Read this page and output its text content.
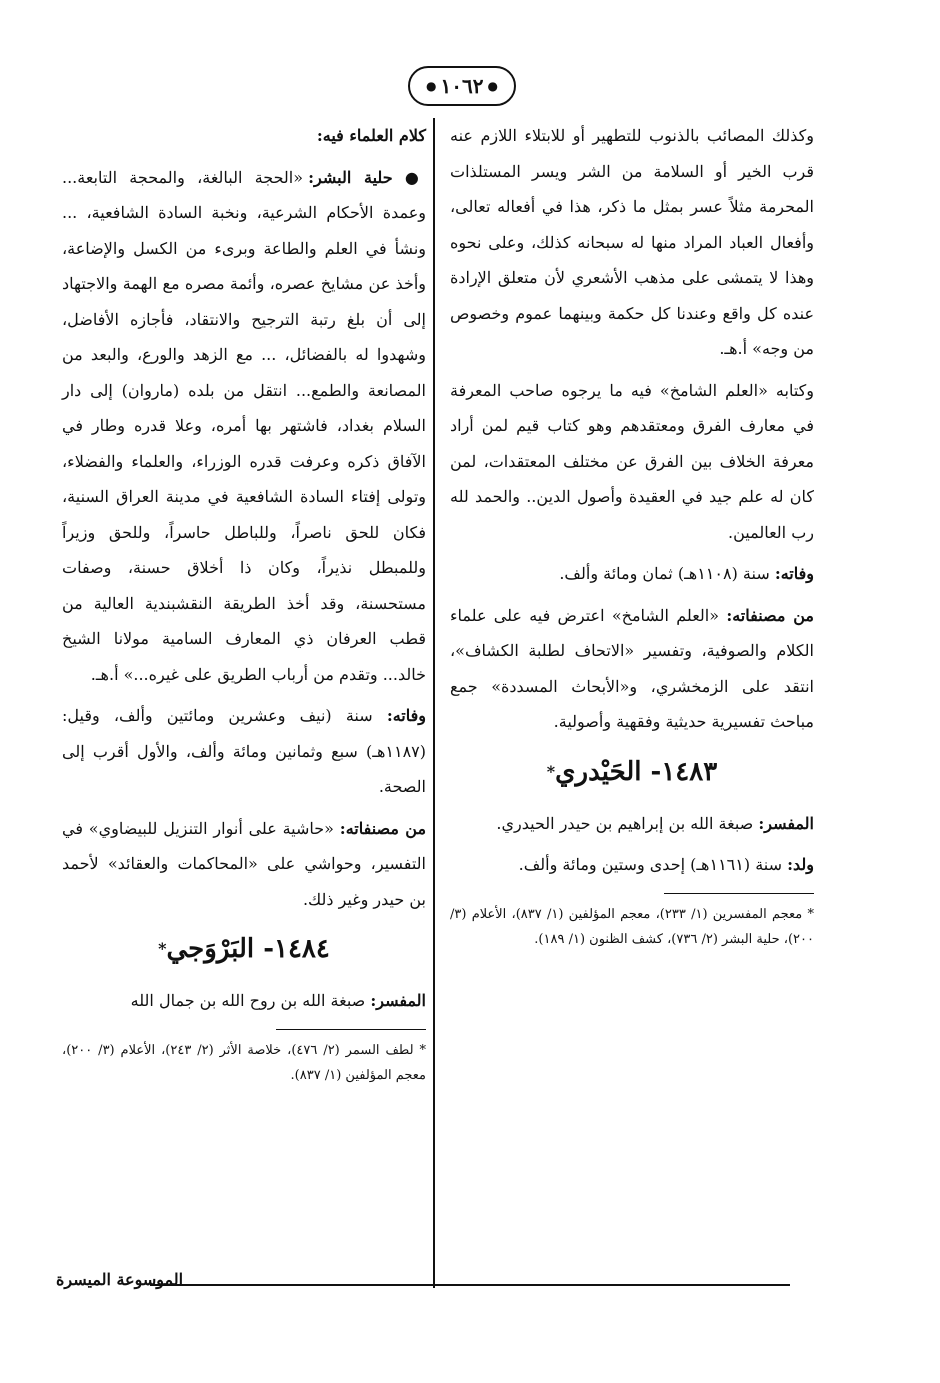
●
١٠٦٢
●

وكذلك المصائب بالذنوب للتطهير أو للابتلاء اللازم عنه قرب الخير أو السلامة من الشر ويسر المستلذات المحرمة مثلاً عسر بمثل ما ذكر، هذا في أفعاله تعالى، وأفعال العباد المراد منها له سبحانه كذلك، وعلى نحوه وهذا لا يتمشى على مذهب الأشعري لأن متعلق الإرادة عنده كل واقع وعندنا كل حكمة وبينهما عموم وخصوص من وجه» أ.هـ.

وكتابه «العلم الشامخ» فيه ما يرجوه صاحب المعرفة في معارف الفرق ومعتقدهم وهو كتاب قيم لمن أراد معرفة الخلاف بين الفرق عن مختلف المعتقدات، لمن كان له علم جيد في العقيدة وأصول الدين.. والحمد لله رب العالمين.

وفاته: سنة (١١٠٨هـ) ثمان ومائة وألف.

من مصنفاته: «العلم الشامخ» اعترض فيه على علماء الكلام والصوفية، وتفسير «الاتحاف لطلبة الكشاف»، انتقد على الزمخشري، و«الأبحاث المسددة» جمع مباحث تفسيرية حديثية وفقهية وأصولية.

١٤٨٣- الحَيْدري*

المفسر: صبغة الله بن إبراهيم بن حيدر الحيدري.

ولد: سنة (١١٦١هـ) إحدى وستين ومائة وألف.

* معجم المفسرين (١/ ٢٣٣)، معجم المؤلفين (١/ ٨٣٧)، الأعلام (٣/ ٢٠٠)، حلية البشر (٢/ ٧٣٦)، كشف الظنون (١/ ١٨٩).

كلام العلماء فيه:

● حلية البشر: «الحجة البالغة، والمحجة التابعة... وعمدة الأحكام الشرعية، ونخبة السادة الشافعية، ... ونشأ في العلم والطاعة وبرىء من الكسل والإضاعة، وأخذ عن مشايخ عصره، وأئمة مصره مع الهمة والاجتهاد إلى أن بلغ رتبة الترجيح والانتقاد، فأجازه الأفاضل، وشهدوا له بالفضائل، ... مع الزهد والورع، والبعد من المصانعة والطمع... انتقل من بلده (ماروان) إلى دار السلام بغداد، فاشتهر بها أمره، وعلا قدره وطار في الآفاق ذكره وعرفت قدره الوزراء، والعلماء والفضلاء، وتولى إفتاء السادة الشافعية في مدينة العراق السنية، فكان للحق ناصراً، وللباطل حاسراً، وللحق وزيراً وللمبطل نذيراً، وكان ذا أخلاق حسنة، وصفات مستحسنة، وقد أخذ الطريقة النقشبندية العالية من قطب العرفان ذي المعارف السامية مولانا الشيخ خالد... وتقدم من أرباب الطريق على غيره...» أ.هـ.

وفاته: سنة (نيف وعشرين ومائتين وألف، وقيل: (١١٨٧هـ) سبع وثمانين ومائة وألف، والأول أقرب إلى الصحة.

من مصنفاته: «حاشية على أنوار التنزيل للبيضاوي» في التفسير، وحواشي على «المحاكمات والعقائد» لأحمد بن حيدر وغير ذلك.

١٤٨٤- البَرْوَجي*

المفسر: صبغة الله بن روح الله بن جمال الله

* لطف السمر (٢/ ٤٧٦)، خلاصة الأثر (٢/ ٢٤٣)، الأعلام (٣/ ٢٠٠)، معجم المؤلفين (١/ ٨٣٧).
الموسوعة الميسرة
